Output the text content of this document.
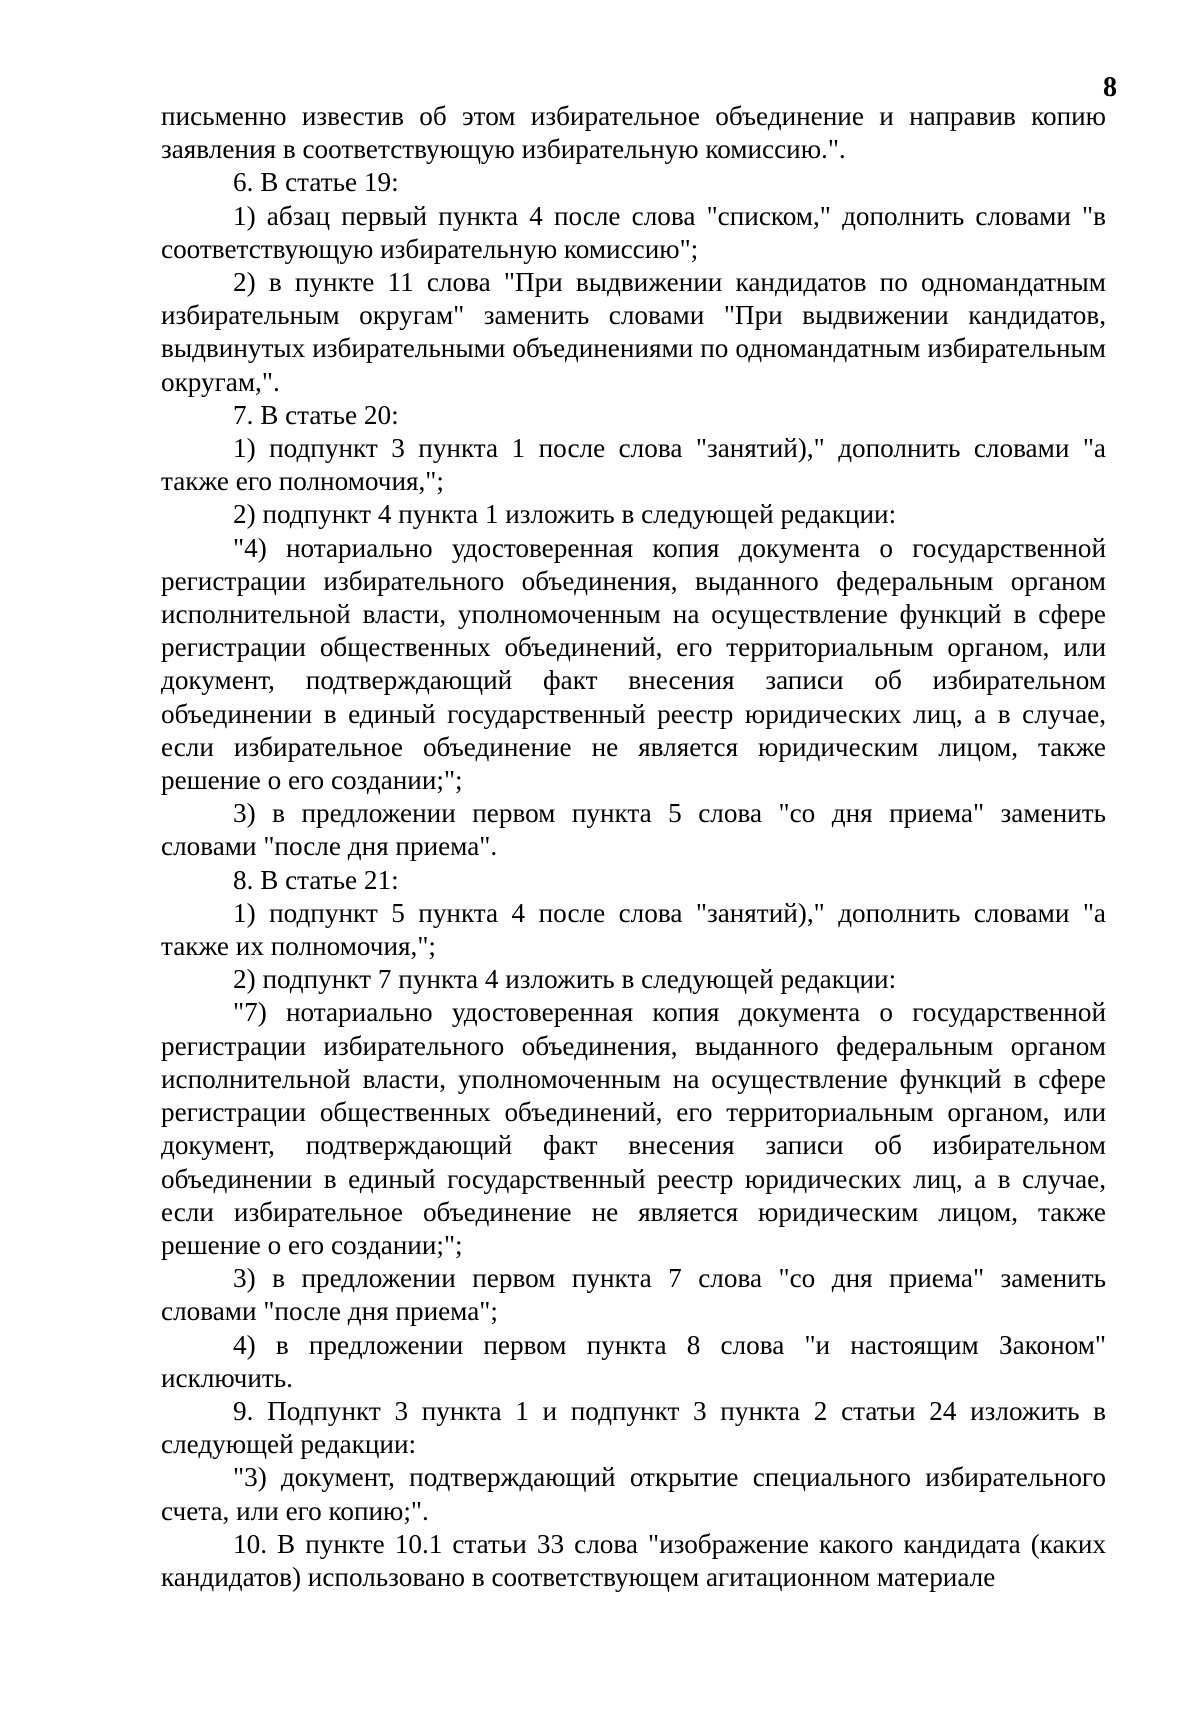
8

письменно известив об этом избирательное объединение и направив копию заявления в соответствующую избирательную комиссию.".

6. В статье 19:

1) абзац первый пункта 4 после слова "списком," дополнить словами "в соответствующую избирательную комиссию";

2) в пункте 11 слова "При выдвижении кандидатов по одномандатным избирательным округам" заменить словами "При выдвижении кандидатов, выдвинутых избирательными объединениями по одномандатным избирательным округам,".

7. В статье 20:

1) подпункт 3 пункта 1 после слова "занятий)," дополнить словами "а также его полномочия,";

2) подпункт 4 пункта 1 изложить в следующей редакции:

"4) нотариально удостоверенная копия документа о государственной регистрации избирательного объединения, выданного федеральным органом исполнительной власти, уполномоченным на осуществление функций в сфере регистрации общественных объединений, его территориальным органом, или документ, подтверждающий факт внесения записи об избирательном объединении в единый государственный реестр юридических лиц, а в случае, если избирательное объединение не является юридическим лицом, также решение о его создании;";

3) в предложении первом пункта 5 слова "со дня приема" заменить словами "после дня приема".

8. В статье 21:

1) подпункт 5 пункта 4 после слова "занятий)," дополнить словами "а также их полномочия,";

2) подпункт 7 пункта 4 изложить в следующей редакции:

"7) нотариально удостоверенная копия документа о государственной регистрации избирательного объединения, выданного федеральным органом исполнительной власти, уполномоченным на осуществление функций в сфере регистрации общественных объединений, его территориальным органом, или документ, подтверждающий факт внесения записи об избирательном объединении в единый государственный реестр юридических лиц, а в случае, если избирательное объединение не является юридическим лицом, также решение о его создании;";

3) в предложении первом пункта 7 слова "со дня приема" заменить словами "после дня приема";

4) в предложении первом пункта 8 слова "и настоящим Законом" исключить.

9. Подпункт 3 пункта 1 и подпункт 3 пункта 2 статьи 24 изложить в следующей редакции:

"3) документ, подтверждающий открытие специального избирательного счета, или его копию;".

10. В пункте 10.1 статьи 33 слова "изображение какого кандидата (каких кандидатов) использовано в соответствующем агитационном материале
